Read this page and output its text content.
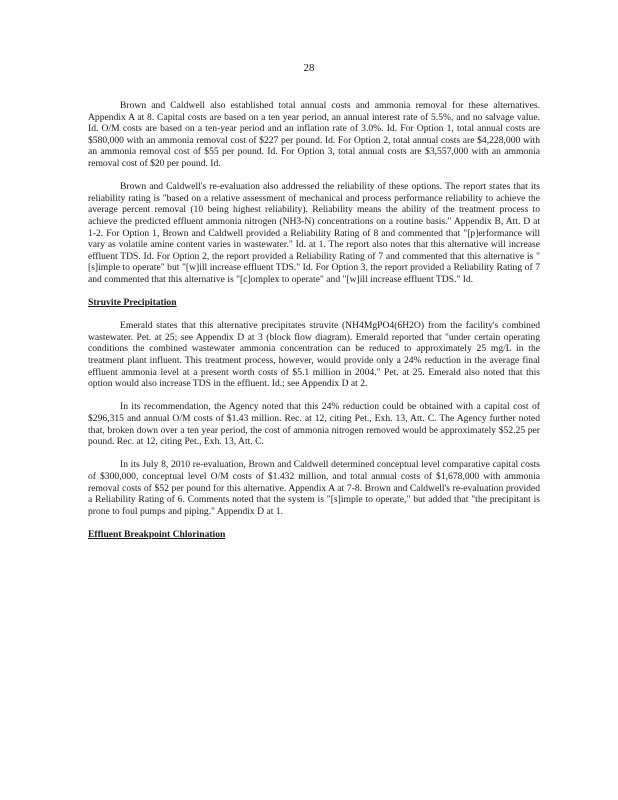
28

Brown and Caldwell also established total annual costs and ammonia removal for these alternatives. Appendix A at 8. Capital costs are based on a ten year period, an annual interest rate of 5.5%, and no salvage value. Id. O/M costs are based on a ten-year period and an inflation rate of 3.0%. Id. For Option 1, total annual costs are $580,000 with an ammonia removal cost of $227 per pound. Id. For Option 2, total annual costs are $4,228,000 with an ammonia removal cost of $55 per pound. Id. For Option 3, total annual costs are $3,557,000 with an ammonia removal cost of $20 per pound. Id.

Brown and Caldwell's re-evaluation also addressed the reliability of these options. The report states that its reliability rating is "based on a relative assessment of mechanical and process performance reliability to achieve the average percent removal (10 being highest reliability). Reliability means the ability of the treatment process to achieve the predicted effluent ammonia nitrogen (NH3-N) concentrations on a routine basis." Appendix B, Att. D at 1-2. For Option 1, Brown and Caldwell provided a Reliability Rating of 8 and commented that "[p]erformance will vary as volatile amine content varies in wastewater." Id. at 1. The report also notes that this alternative will increase effluent TDS. Id. For Option 2, the report provided a Reliability Rating of 7 and commented that this alternative is "[s]imple to operate" but "[w]ill increase effluent TDS." Id. For Option 3, the report provided a Reliability Rating of 7 and commented that this alternative is "[c]omplex to operate" and "[w]ill increase effluent TDS." Id.

Struvite Precipitation

Emerald states that this alternative precipitates struvite (NH4MgPO4(6H2O) from the facility's combined wastewater. Pet. at 25; see Appendix D at 3 (block flow diagram). Emerald reported that "under certain operating conditions the combined wastewater ammonia concentration can be reduced to approximately 25 mg/L in the treatment plant influent. This treatment process, however, would provide only a 24% reduction in the average final effluent ammonia level at a present worth costs of $5.1 million in 2004." Pet. at 25. Emerald also noted that this option would also increase TDS in the effluent. Id.; see Appendix D at 2.

In its recommendation, the Agency noted that this 24% reduction could be obtained with a capital cost of $296,315 and annual O/M costs of $1.43 million. Rec. at 12, citing Pet., Exh. 13, Att. C. The Agency further noted that, broken down over a ten year period, the cost of ammonia nitrogen removed would be approximately $52.25 per pound. Rec. at 12, citing Pet., Exh. 13, Att. C.

In its July 8, 2010 re-evaluation, Brown and Caldwell determined conceptual level comparative capital costs of $300,000, conceptual level O/M costs of $1.432 million, and total annual costs of $1,678,000 with ammonia removal costs of $52 per pound for this alternative. Appendix A at 7-8. Brown and Caldwell's re-evaluation provided a Reliability Rating of 6. Comments noted that the system is "[s]imple to operate," but added that "the precipitant is prone to foul pumps and piping." Appendix D at 1.

Effluent Breakpoint Chlorination
